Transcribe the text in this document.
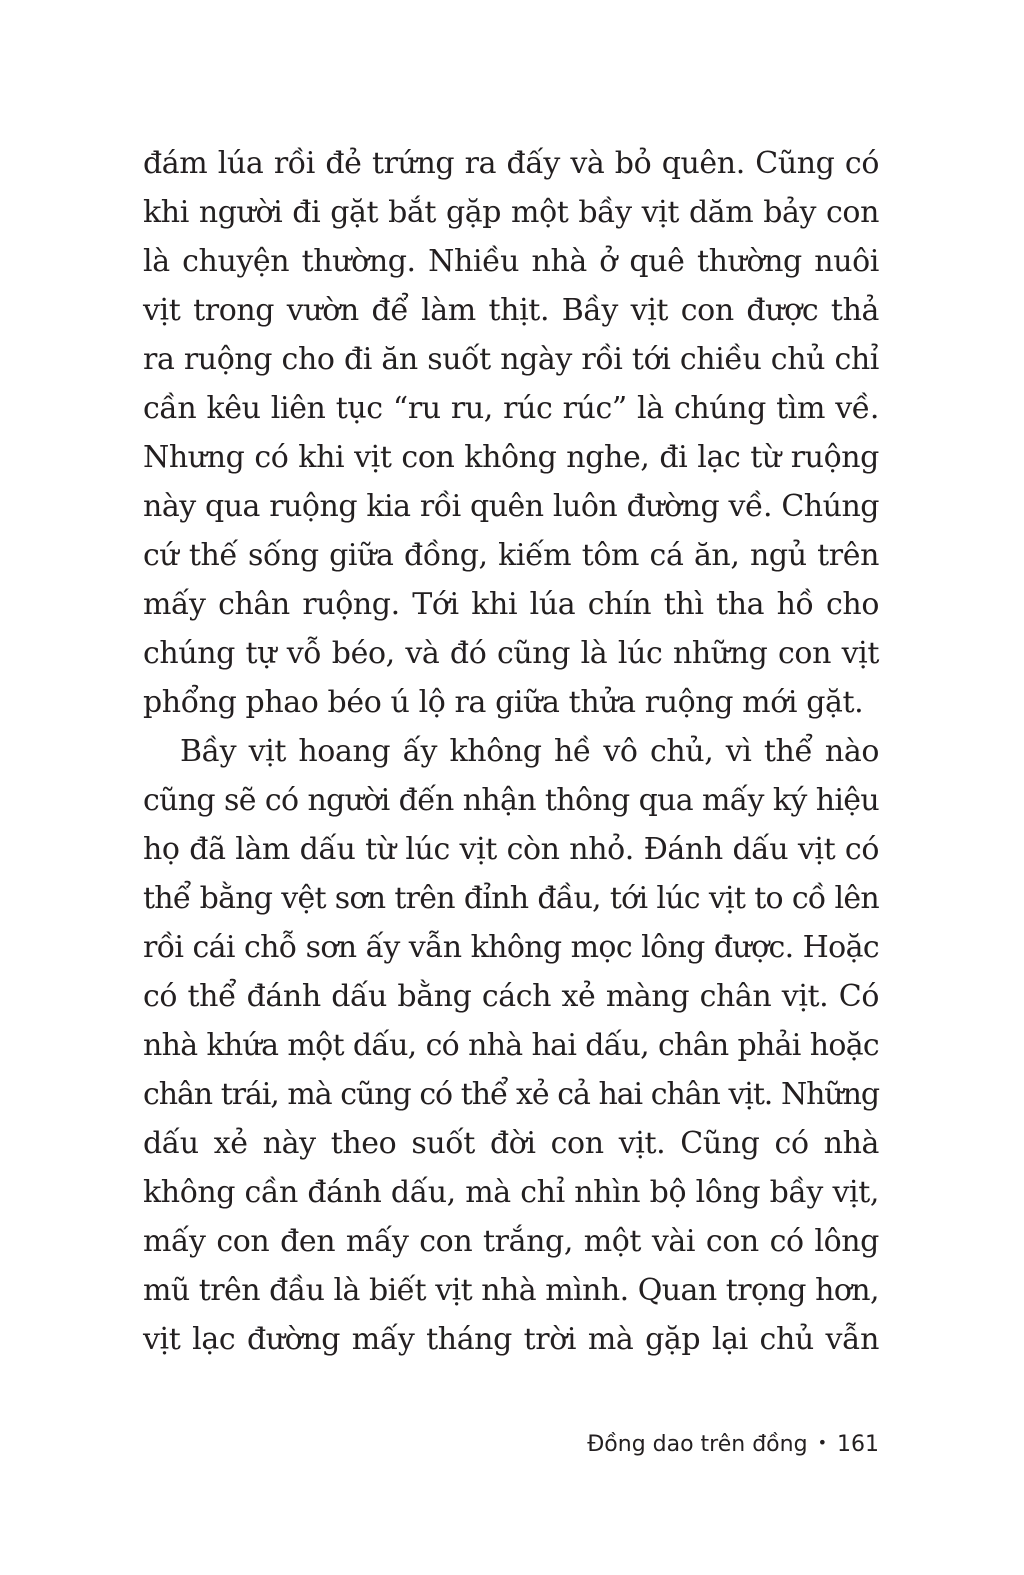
đám lúa rồi đẻ trứng ra đấy và bỏ quên. Cũng có
khi người đi gặt bắt gặp một bầy vịt dăm bảy con
là chuyện thường. Nhiều nhà ở quê thường nuôi
vịt trong vườn để làm thịt. Bầy vịt con được thả
ra ruộng cho đi ăn suốt ngày rồi tới chiều chủ chỉ
cần kêu liên tục “ru ru, rúc rúc” là chúng tìm về.
Nhưng có khi vịt con không nghe, đi lạc từ ruộng
này qua ruộng kia rồi quên luôn đường về. Chúng
cứ thế sống giữa đồng, kiếm tôm cá ăn, ngủ trên
mấy chân ruộng. Tới khi lúa chín thì tha hồ cho
chúng tự vỗ béo, và đó cũng là lúc những con vịt
phổng phao béo ú lộ ra giữa thửa ruộng mới gặt.
Bầy vịt hoang ấy không hề vô chủ, vì thể nào
cũng sẽ có người đến nhận thông qua mấy ký hiệu
họ đã làm dấu từ lúc vịt còn nhỏ. Đánh dấu vịt có
thể bằng vệt sơn trên đỉnh đầu, tới lúc vịt to cồ lên
rồi cái chỗ sơn ấy vẫn không mọc lông được. Hoặc
có thể đánh dấu bằng cách xẻ màng chân vịt. Có
nhà khứa một dấu, có nhà hai dấu, chân phải hoặc
chân trái, mà cũng có thể xẻ cả hai chân vịt. Những
dấu xẻ này theo suốt đời con vịt. Cũng có nhà
không cần đánh dấu, mà chỉ nhìn bộ lông bầy vịt,
mấy con đen mấy con trắng, một vài con có lông
mũ trên đầu là biết vịt nhà mình. Quan trọng hơn,
vịt lạc đường mấy tháng trời mà gặp lại chủ vẫn
Đồng dao trên đồng • 161
